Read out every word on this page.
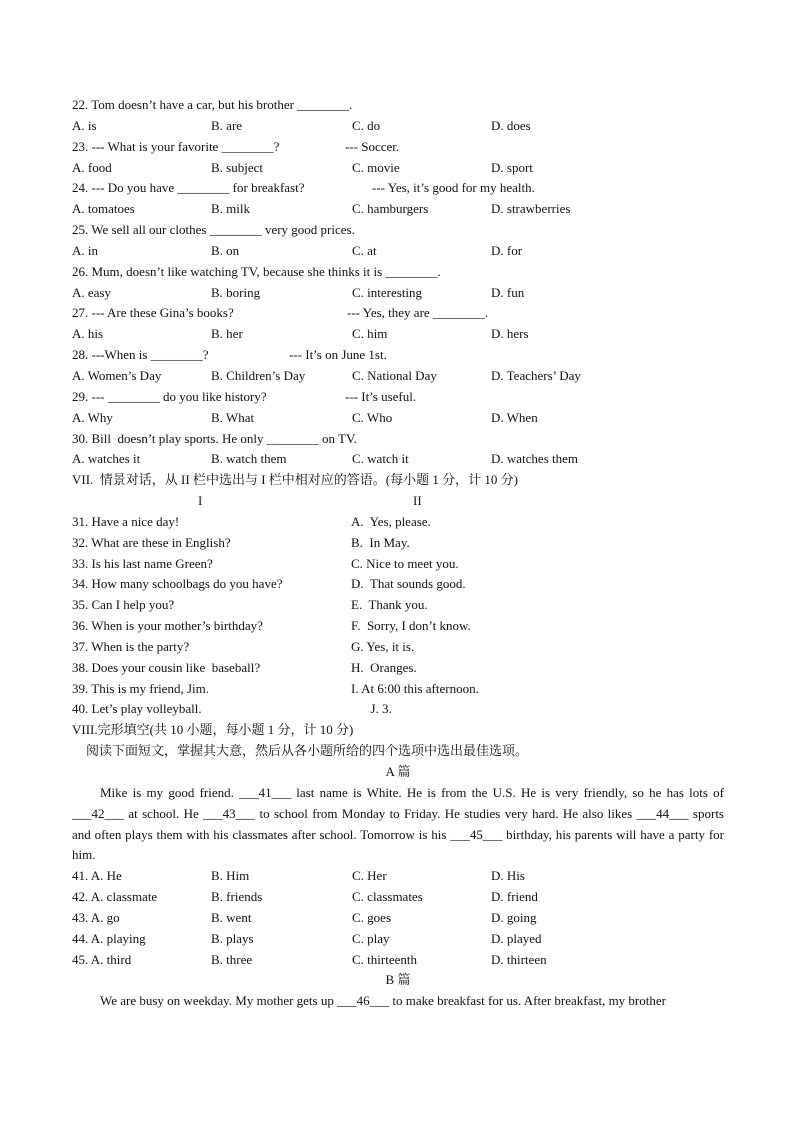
22. Tom doesn’t have a car, but his brother ________.
A. is	B. are	C. do	D. does
23. --- What is your favorite ________?	--- Soccer.
A. food	B. subject	C. movie	D. sport
24. --- Do you have ________ for breakfast?	--- Yes, it’s good for my health.
A. tomatoes	B. milk	C. hamburgers	D. strawberries
25. We sell all our clothes ________ very good prices.
A. in	B. on	C. at	D. for
26. Mum, doesn’t like watching TV, because she thinks it is ________.
A. easy	B. boring	C. interesting	D. fun
27. --- Are these Gina’s books?	--- Yes, they are ________.
A. his	B. her	C. him	D. hers
28. ---When is ________?	--- It’s on June 1st.
A. Women’s Day	B. Children’s Day	C. National Day	D. Teachers’ Day
29. --- ________ do you like history?	--- It’s useful.
A. Why	B. What	C. Who	D. When
30. Bill  doesn’t play sports. He only ________ on TV.
A. watches it	B. watch them	C. watch it	D. watches them
VII.  情景对话，从 II 栏中选出与 I 栏中相对应的答语。(每小题 1 分，计 10 分)

I

	II

31. Have a nice day!	A.  Yes, please.
32. What are these in English?	B.  In May.
33. Is his last name Green?	C. Nice to meet you.
34. How many schoolbags do you have?	D.  That sounds good.
35. Can I help you?	E.  Thank you.
36. When is your mother’s birthday?	F.  Sorry, I don’t know.
37. When is the party?	G. Yes, it is.
38. Does your cousin like  baseball?	H.  Oranges.
39. This is my friend, Jim.	I. At 6:00 this afternoon.
40. Let’s play volleyball.	J. 3.
VIII.完形填空(共 10 小题，每小题 1 分，计 10 分)
阅读下面短文，掌握其大意，然后从各小题所给的四个选项中选出最佳选项。
A 篇

Mike is my good friend. ___41___ last name is White. He is from the U.S. He is very friendly, so he has lots of ___42___ at school. He ___43___ to school from Monday to Friday. He studies very hard. He also likes ___44___ sports and often plays them with his classmates after school. Tomorrow is his ___45___ birthday, his parents will have a party for him.

41. A. He	B. Him	C. Her	D. His
42. A. classmate	B. friends	C. classmates	D. friend
43. A. go	B. went	C. goes	D. going
44. A. playing	B. plays	C. play	D. played
45. A. third	B. three	C. thirteenth	D. thirteen
B 篇

We are busy on weekday. My mother gets up ___46___ to make breakfast for us. After breakfast, my brother
